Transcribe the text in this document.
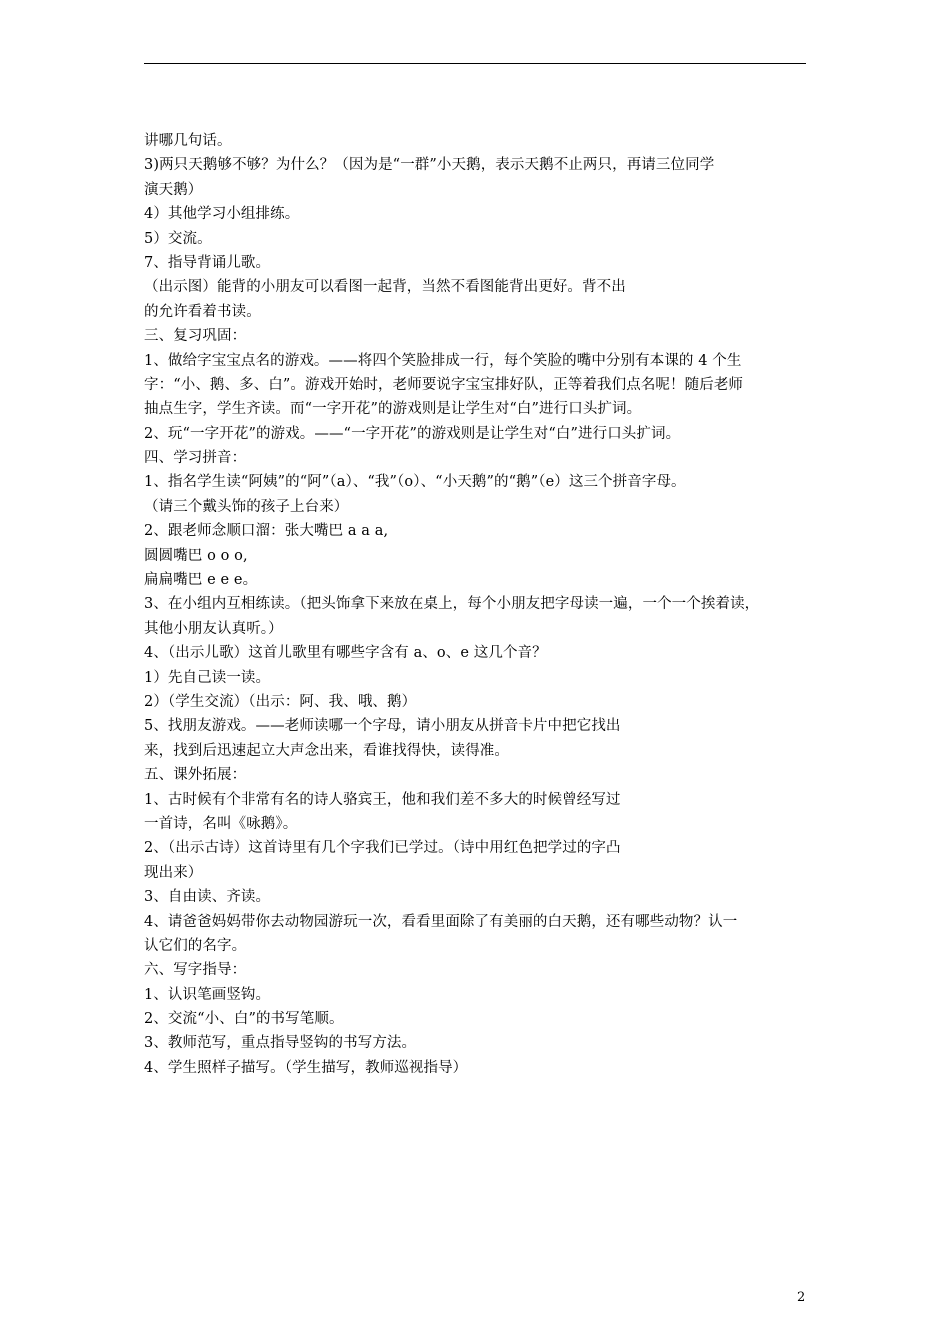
讲哪几句话。
3)两只天鹅够不够？为什么？（因为是“一群”小天鹅，表示天鹅不止两只，再请三位同学
演天鹅）
4）其他学习小组排练。
5）交流。
7、指导背诵儿歌。
（出示图）能背的小朋友可以看图一起背，当然不看图能背出更好。背不出
的允许看着书读。
三、复习巩固：
1、做给字宝宝点名的游戏。——将四个笑脸排成一行，每个笑脸的嘴中分别有本课的 4 个生
字：“小、鹅、多、白”。游戏开始时，老师要说字宝宝排好队，正等着我们点名呢！随后老师
抽点生字，学生齐读。而“一字开花”的游戏则是让学生对“白”进行口头扩词。
2、玩“一字开花”的游戏。——“一字开花”的游戏则是让学生对“白”进行口头扩词。
四、学习拼音：
1、指名学生读“阿姨”的“阿”（a）、“我”（o）、“小天鹅”的“鹅”（e）这三个拼音字母。
（请三个戴头饰的孩子上台来）
2、跟老师念顺口溜：张大嘴巴 a a a,
圆圆嘴巴 o o o,
扁扁嘴巴 e e e。
3、在小组内互相练读。（把头饰拿下来放在桌上，每个小朋友把字母读一遍，一个一个挨着读，
其他小朋友认真听。）
4、（出示儿歌）这首儿歌里有哪些字含有 a、o、e 这几个音？
1）先自己读一读。
2）（学生交流）（出示：阿、我、哦、鹅）
5、找朋友游戏。——老师读哪一个字母，请小朋友从拼音卡片中把它找出
来，找到后迅速起立大声念出来，看谁找得快，读得准。
五、课外拓展：
1、古时候有个非常有名的诗人骆宾王，他和我们差不多大的时候曾经写过
一首诗，名叫《咏鹅》。
2、（出示古诗）这首诗里有几个字我们已学过。（诗中用红色把学过的字凸
现出来）
3、自由读、齐读。
4、请爸爸妈妈带你去动物园游玩一次，看看里面除了有美丽的白天鹅，还有哪些动物？认一
认它们的名字。
六、写字指导：
1、认识笔画竖钩。
2、交流“小、白”的书写笔顺。
3、教师范写，重点指导竖钩的书写方法。
4、学生照样子描写。（学生描写，教师巡视指导）
2
